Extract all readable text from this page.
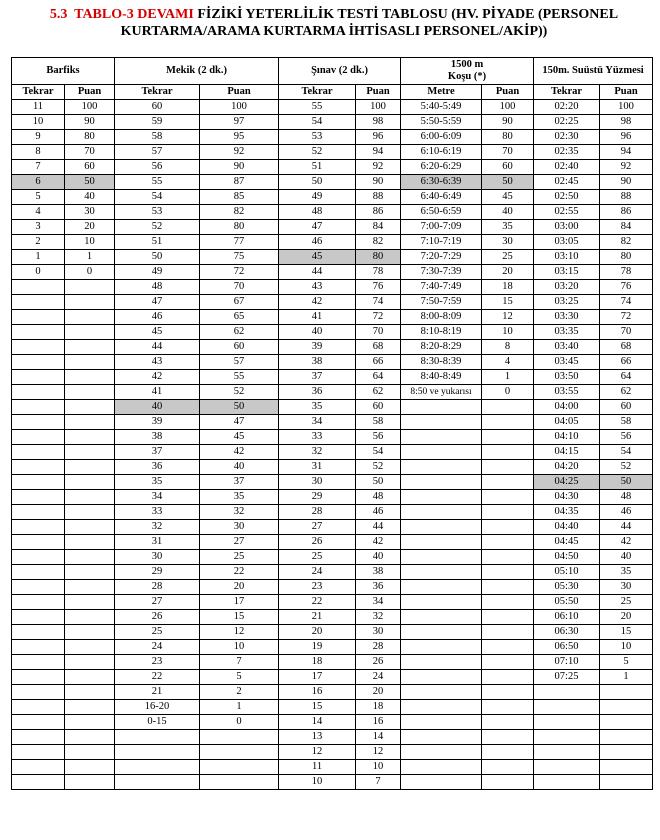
5.3 TABLO-3 DEVAMI FİZİKİ YETERLİLİK TESTİ TABLOSU (HV. PİYADE (PERSONEL
KURTARMA/ARAMA KURTARMA İHTİSASLI PERSONEL/AKİP))
Barfiks		Mekik (2 dk.)		Şınav (2 dk.)		1500 m
Koşu (*)		150m. Suüstü Yüzmesi	
Tekrar	Puan	Tekrar	Puan	Tekrar	Puan	Metre	Puan	Tekrar	Puan
11	100	60	100	55	100	5:40-5:49	100	02:20	100
10	90	59	97	54	98	5:50-5:59	90	02:25	98
9	80	58	95	53	96	6:00-6:09	80	02:30	96
8	70	57	92	52	94	6:10-6:19	70	02:35	94
7	60	56	90	51	92	6:20-6:29	60	02:40	92
6	50	55	87	50	90	6:30-6:39	50	02:45	90
5	40	54	85	49	88	6:40-6:49	45	02:50	88
4	30	53	82	48	86	6:50-6:59	40	02:55	86
3	20	52	80	47	84	7:00-7:09	35	03:00	84
2	10	51	77	46	82	7:10-7:19	30	03:05	82
1	1	50	75	45	80	7:20-7:29	25	03:10	80
0	0	49	72	44	78	7:30-7:39	20	03:15	78
		48	70	43	76	7:40-7:49	18	03:20	76
		47	67	42	74	7:50-7:59	15	03:25	74
		46	65	41	72	8:00-8:09	12	03:30	72
		45	62	40	70	8:10-8:19	10	03:35	70
		44	60	39	68	8:20-8:29	8	03:40	68
		43	57	38	66	8:30-8:39	4	03:45	66
		42	55	37	64	8:40-8:49	1	03:50	64
		41	52	36	62	8:50 ve yukarısı	0	03:55	62
		40	50	35	60			04:00	60
		39	47	34	58			04:05	58
		38	45	33	56			04:10	56
		37	42	32	54			04:15	54
		36	40	31	52			04:20	52
		35	37	30	50			04:25	50
		34	35	29	48			04:30	48
		33	32	28	46			04:35	46
		32	30	27	44			04:40	44
		31	27	26	42			04:45	42
		30	25	25	40			04:50	40
		29	22	24	38			05:10	35
		28	20	23	36			05:30	30
		27	17	22	34			05:50	25
		26	15	21	32			06:10	20
		25	12	20	30			06:30	15
		24	10	19	28			06:50	10
		23	7	18	26			07:10	5
		22	5	17	24			07:25	1
		21	2	16	20				
		16-20	1	15	18				
		0-15	0	14	16				
				13	14				
				12	12				
				11	10				
				10	7				
